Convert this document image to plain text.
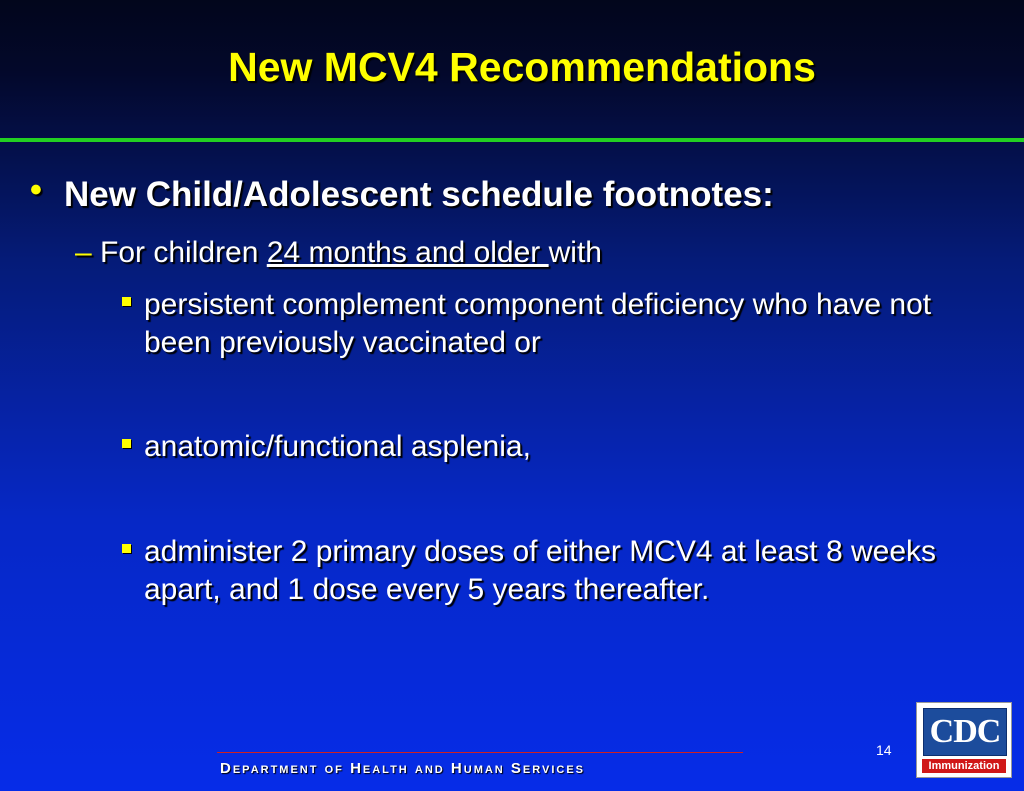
New MCV4 Recommendations
• New Child/Adolescent schedule footnotes:
– For children 24 months and older with
persistent complement component deficiency who have not been previously vaccinated or
anatomic/functional asplenia,
administer 2 primary doses of either MCV4 at least 8 weeks apart, and 1 dose every 5 years thereafter.
Department of Health and Human Services
14 CDC
Immunization
